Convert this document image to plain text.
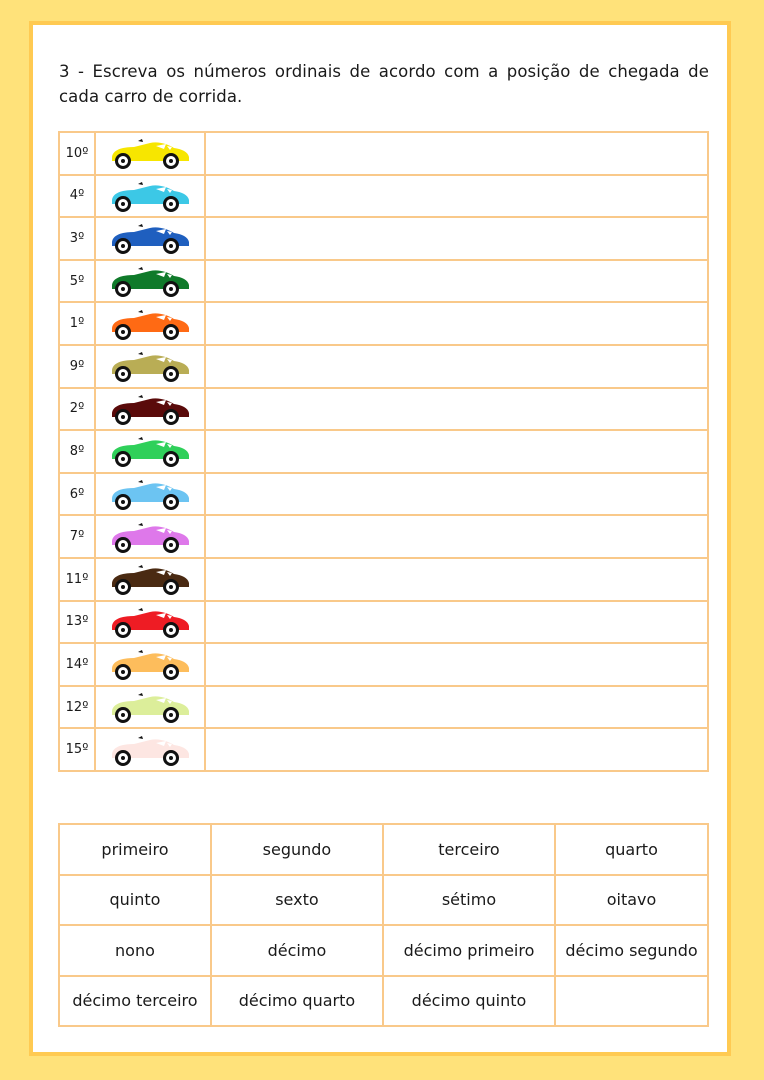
3 - Escreva os números ordinais de acordo com a posição de chegada de cada carro de corrida.
10º	

4º	

3º	

5º	

1º	

9º	

2º	

8º	

6º	

7º	

11º	

13º	

14º	

12º	

15º	

primeiro	segundo	terceiro	quarto
quinto	sexto	sétimo	oitavo
nono	décimo	décimo primeiro	décimo segundo
décimo terceiro	décimo quarto	décimo quinto	
